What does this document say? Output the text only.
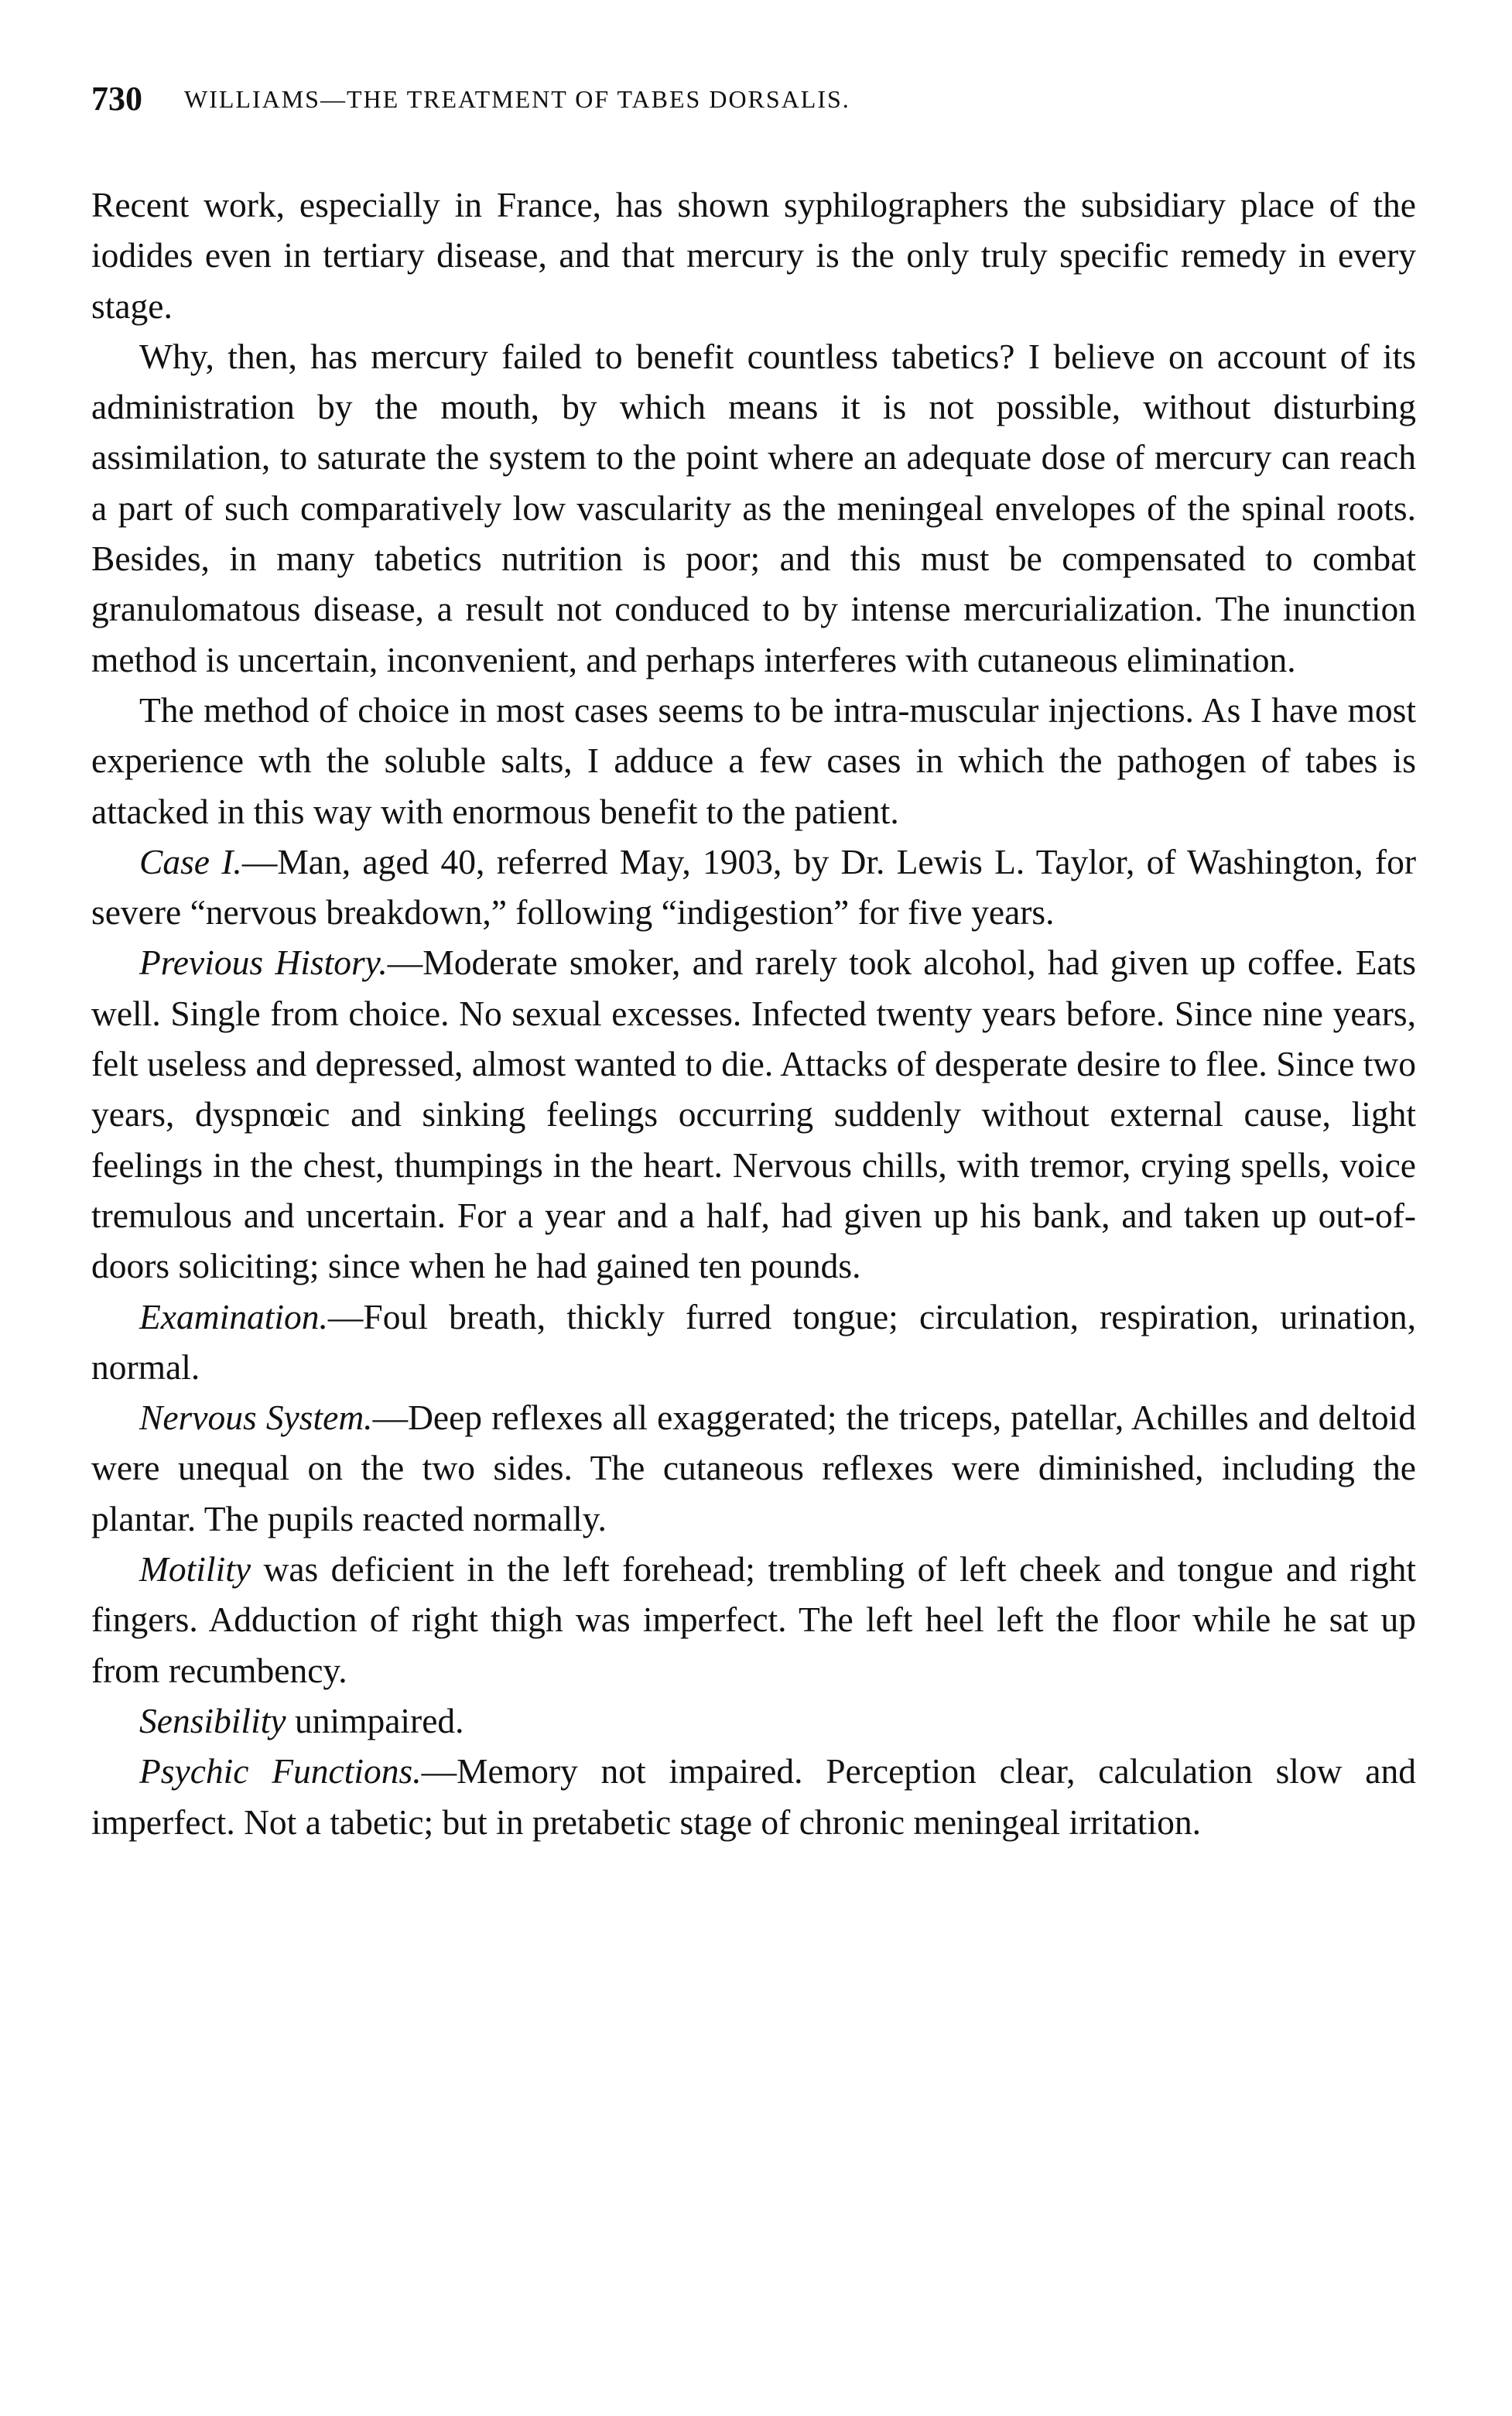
730 WILLIAMS—THE TREATMENT OF TABES DORSALIS.

Recent work, especially in France, has shown syphilographers the subsidiary place of the iodides even in tertiary disease, and that mercury is the only truly specific remedy in every stage.

Why, then, has mercury failed to benefit countless tabetics? I believe on account of its administration by the mouth, by which means it is not possible, without disturbing assimilation, to saturate the system to the point where an adequate dose of mercury can reach a part of such comparatively low vascularity as the meningeal envelopes of the spinal roots. Besides, in many tabetics nutrition is poor; and this must be compensated to combat granulomatous disease, a result not conduced to by intense mercurialization. The inunction method is uncertain, inconvenient, and perhaps interferes with cutaneous elimination.

The method of choice in most cases seems to be intra-muscular injections. As I have most experience wth the soluble salts, I adduce a few cases in which the pathogen of tabes is attacked in this way with enormous benefit to the patient.

Case I.—Man, aged 40, referred May, 1903, by Dr. Lewis L. Taylor, of Washington, for severe “nervous breakdown,” following “indigestion” for five years.

Previous History.—Moderate smoker, and rarely took alcohol, had given up coffee. Eats well. Single from choice. No sexual excesses. Infected twenty years before. Since nine years, felt useless and depressed, almost wanted to die. Attacks of desperate desire to flee. Since two years, dyspnœic and sinking feelings occurring suddenly without external cause, light feelings in the chest, thumpings in the heart. Nervous chills, with tremor, crying spells, voice tremulous and uncertain. For a year and a half, had given up his bank, and taken up out-of-doors soliciting; since when he had gained ten pounds.

Examination.—Foul breath, thickly furred tongue; circulation, respiration, urination, normal.

Nervous System.—Deep reflexes all exaggerated; the triceps, patellar, Achilles and deltoid were unequal on the two sides. The cutaneous reflexes were diminished, including the plantar. The pupils reacted normally.

Motility was deficient in the left forehead; trembling of left cheek and tongue and right fingers. Adduction of right thigh was imperfect. The left heel left the floor while he sat up from recumbency.

Sensibility unimpaired.

Psychic Functions.—Memory not impaired. Perception clear, calculation slow and imperfect. Not a tabetic; but in pretabetic stage of chronic meningeal irritation.
